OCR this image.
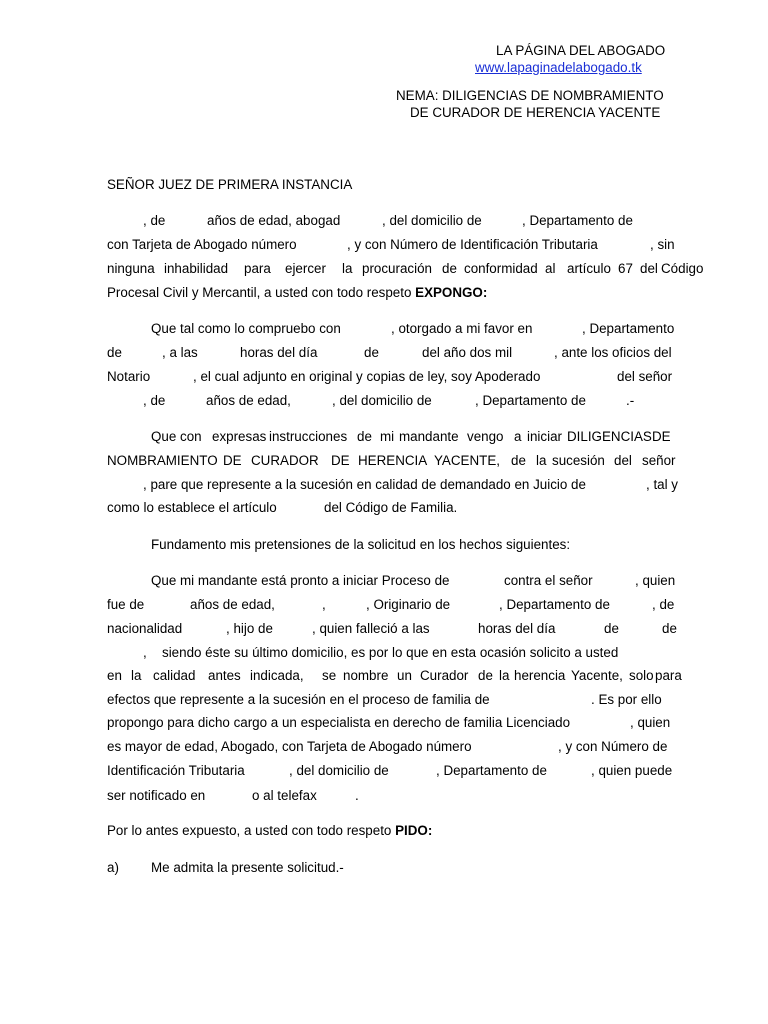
LA PÁGINA DEL ABOGADO
www.lapaginadelabogado.tk
NEMA: DILIGENCIAS DE NOMBRAMIENTO
DE CURADOR DE HERENCIA YACENTE
SEÑOR JUEZ DE PRIMERA INSTANCIA
, de	años de edad, abogad	, del domicilio de	, Departamento de
con Tarjeta de Abogado número	, y con Número de Identificación Tributaria	, sin
ninguna inhabilidad para ejercer la procuración de conformidad al artículo 67 del Código
Procesal Civil y Mercantil, a usted con todo respeto EXPONGO:
Que tal como lo compruebo con	, otorgado a mi favor en	, Departamento
de	, a las	horas del día	de	del año dos mil	, ante los oficios del
Notario	, el cual adjunto en original y copias de ley, soy Apoderado	del señor
, de	años de edad,	, del domicilio de	, Departamento de	.-
Que con expresas instrucciones de mi mandante vengo a iniciar DILIGENCIAS DE
NOMBRAMIENTO DE CURADOR DE HERENCIA YACENTE, de la sucesión del señor
, pare que represente a la sucesión en calidad de demandado en Juicio de	, tal y
como lo establece el artículo	del Código de Familia.
Fundamento mis pretensiones de la solicitud en los hechos siguientes:
Que mi mandante está pronto a iniciar Proceso de	contra el señor	, quien
fue de	años de edad,	,	, Originario de	, Departamento de	, de
nacionalidad	, hijo de	, quien falleció a las	horas del día	de	de
, siendo éste su último domicilio, es por lo que en esta ocasión solicito a usted
en la calidad antes indicada, se nombre un Curador de la herencia Yacente, solo para
efectos que represente a la sucesión en el proceso de familia de	. Es por ello
propongo para dicho cargo a un especialista en derecho de familia Licenciado	, quien
es mayor de edad, Abogado, con Tarjeta de Abogado número	, y con Número de
Identificación Tributaria	, del domicilio de	, Departamento de	, quien puede
ser notificado en	o al telefax	.
Por lo antes expuesto, a usted con todo respeto PIDO:
a) Me admita la presente solicitud.-
